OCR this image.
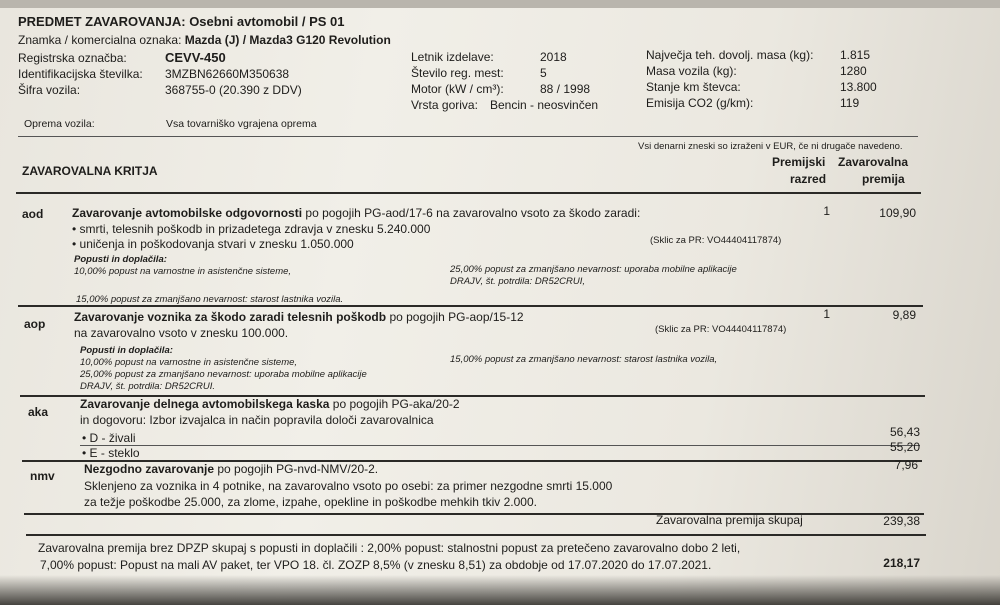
PREDMET ZAVAROVANJA: Osebni avtomobil / PS 01
Znamka / komercialna oznaka: Mazda (J) / Mazda3 G120 Revolution
Registrska označba:	CEVV-450
Identifikacijska številka: 3MZBN62660M350638
Šifra vozila:	368755-0 (20.390 z DDV)
Letnik izdelave:	2018
Število reg. mest:	5
Motor (kW / cm³):	88 / 1998
Vrsta goriva: Bencin - neosvinčen
Največja teh. dovolj. masa (kg): 1.815
Masa vozila (kg):	1280
Stanje km števca:	13.800
Emisija CO2 (g/km):	119
Oprema vozila:	Vsa tovarniško vgrajena oprema
Vsi denarni zneski so izraženi v EUR, če ni drugače navedeno.
ZAVAROVALNA KRITJA
Premijski
razred
Zavarovalna
premija
aod Zavarovanje avtomobilske odgovornosti po pogojih PG-aod/17-6 na zavarovalno vsoto za škodo zaradi:	1	109,90
• smrti, telesnih poškodb in prizadetega zdravja v znesku 5.240.000
• uničenja in poškodovanja stvari v znesku 1.050.000	(Sklic za PR: VO44404117874)
Popusti in doplačila:
10,00% popust na varnostne in asistenčne sisteme,	25,00% popust za zmanjšano nevarnost: uporaba mobilne aplikacije
DRAJV, št. potrdila: DR52CRUI,
15,00% popust za zmanjšano nevarnost: starost lastnika vozila.
aop Zavarovanje voznika za škodo zaradi telesnih poškodb po pogojih PG-aop/15-12	1	9,89
na zavarovalno vsoto v znesku 100.000.	(Sklic za PR: VO44404117874)
Popusti in doplačila:
10,00% popust na varnostne in asistenčne sisteme,	15,00% popust za zmanjšano nevarnost: starost lastnika vozila,
25,00% popust za zmanjšano nevarnost: uporaba mobilne aplikacije
DRAJV, št. potrdila: DR52CRUI.
aka
Zavarovanje delnega avtomobilskega kaska po pogojih PG-aka/20-2
in dogovoru: Izbor izvajalca in način popravila določi zavarovalnica
• D - živali	56,43
• E - steklo	55,20
nmv Nezgodno zavarovanje po pogojih PG-nvd-NMV/20-2.	7,96
Sklenjeno za voznika in 4 potnike, na zavarovalno vsoto po osebi: za primer nezgodne smrti 15.000
za težje poškodbe 25.000, za zlome, izpahe, opekline in poškodbe mehkih tkiv 2.000.
Zavarovalna premija skupaj	239,38
Zavarovalna premija brez DPZP skupaj s popusti in doplačili : 2,00% popust: stalnostni popust za pretečeno zavarovalno dobo 2 leti,
7,00% popust: Popust na mali AV paket, ter VPO 18. čl. ZOZP 8,5% (v znesku 8,51) za obdobje od 17.07.2020 do 17.07.2021.	218,17
